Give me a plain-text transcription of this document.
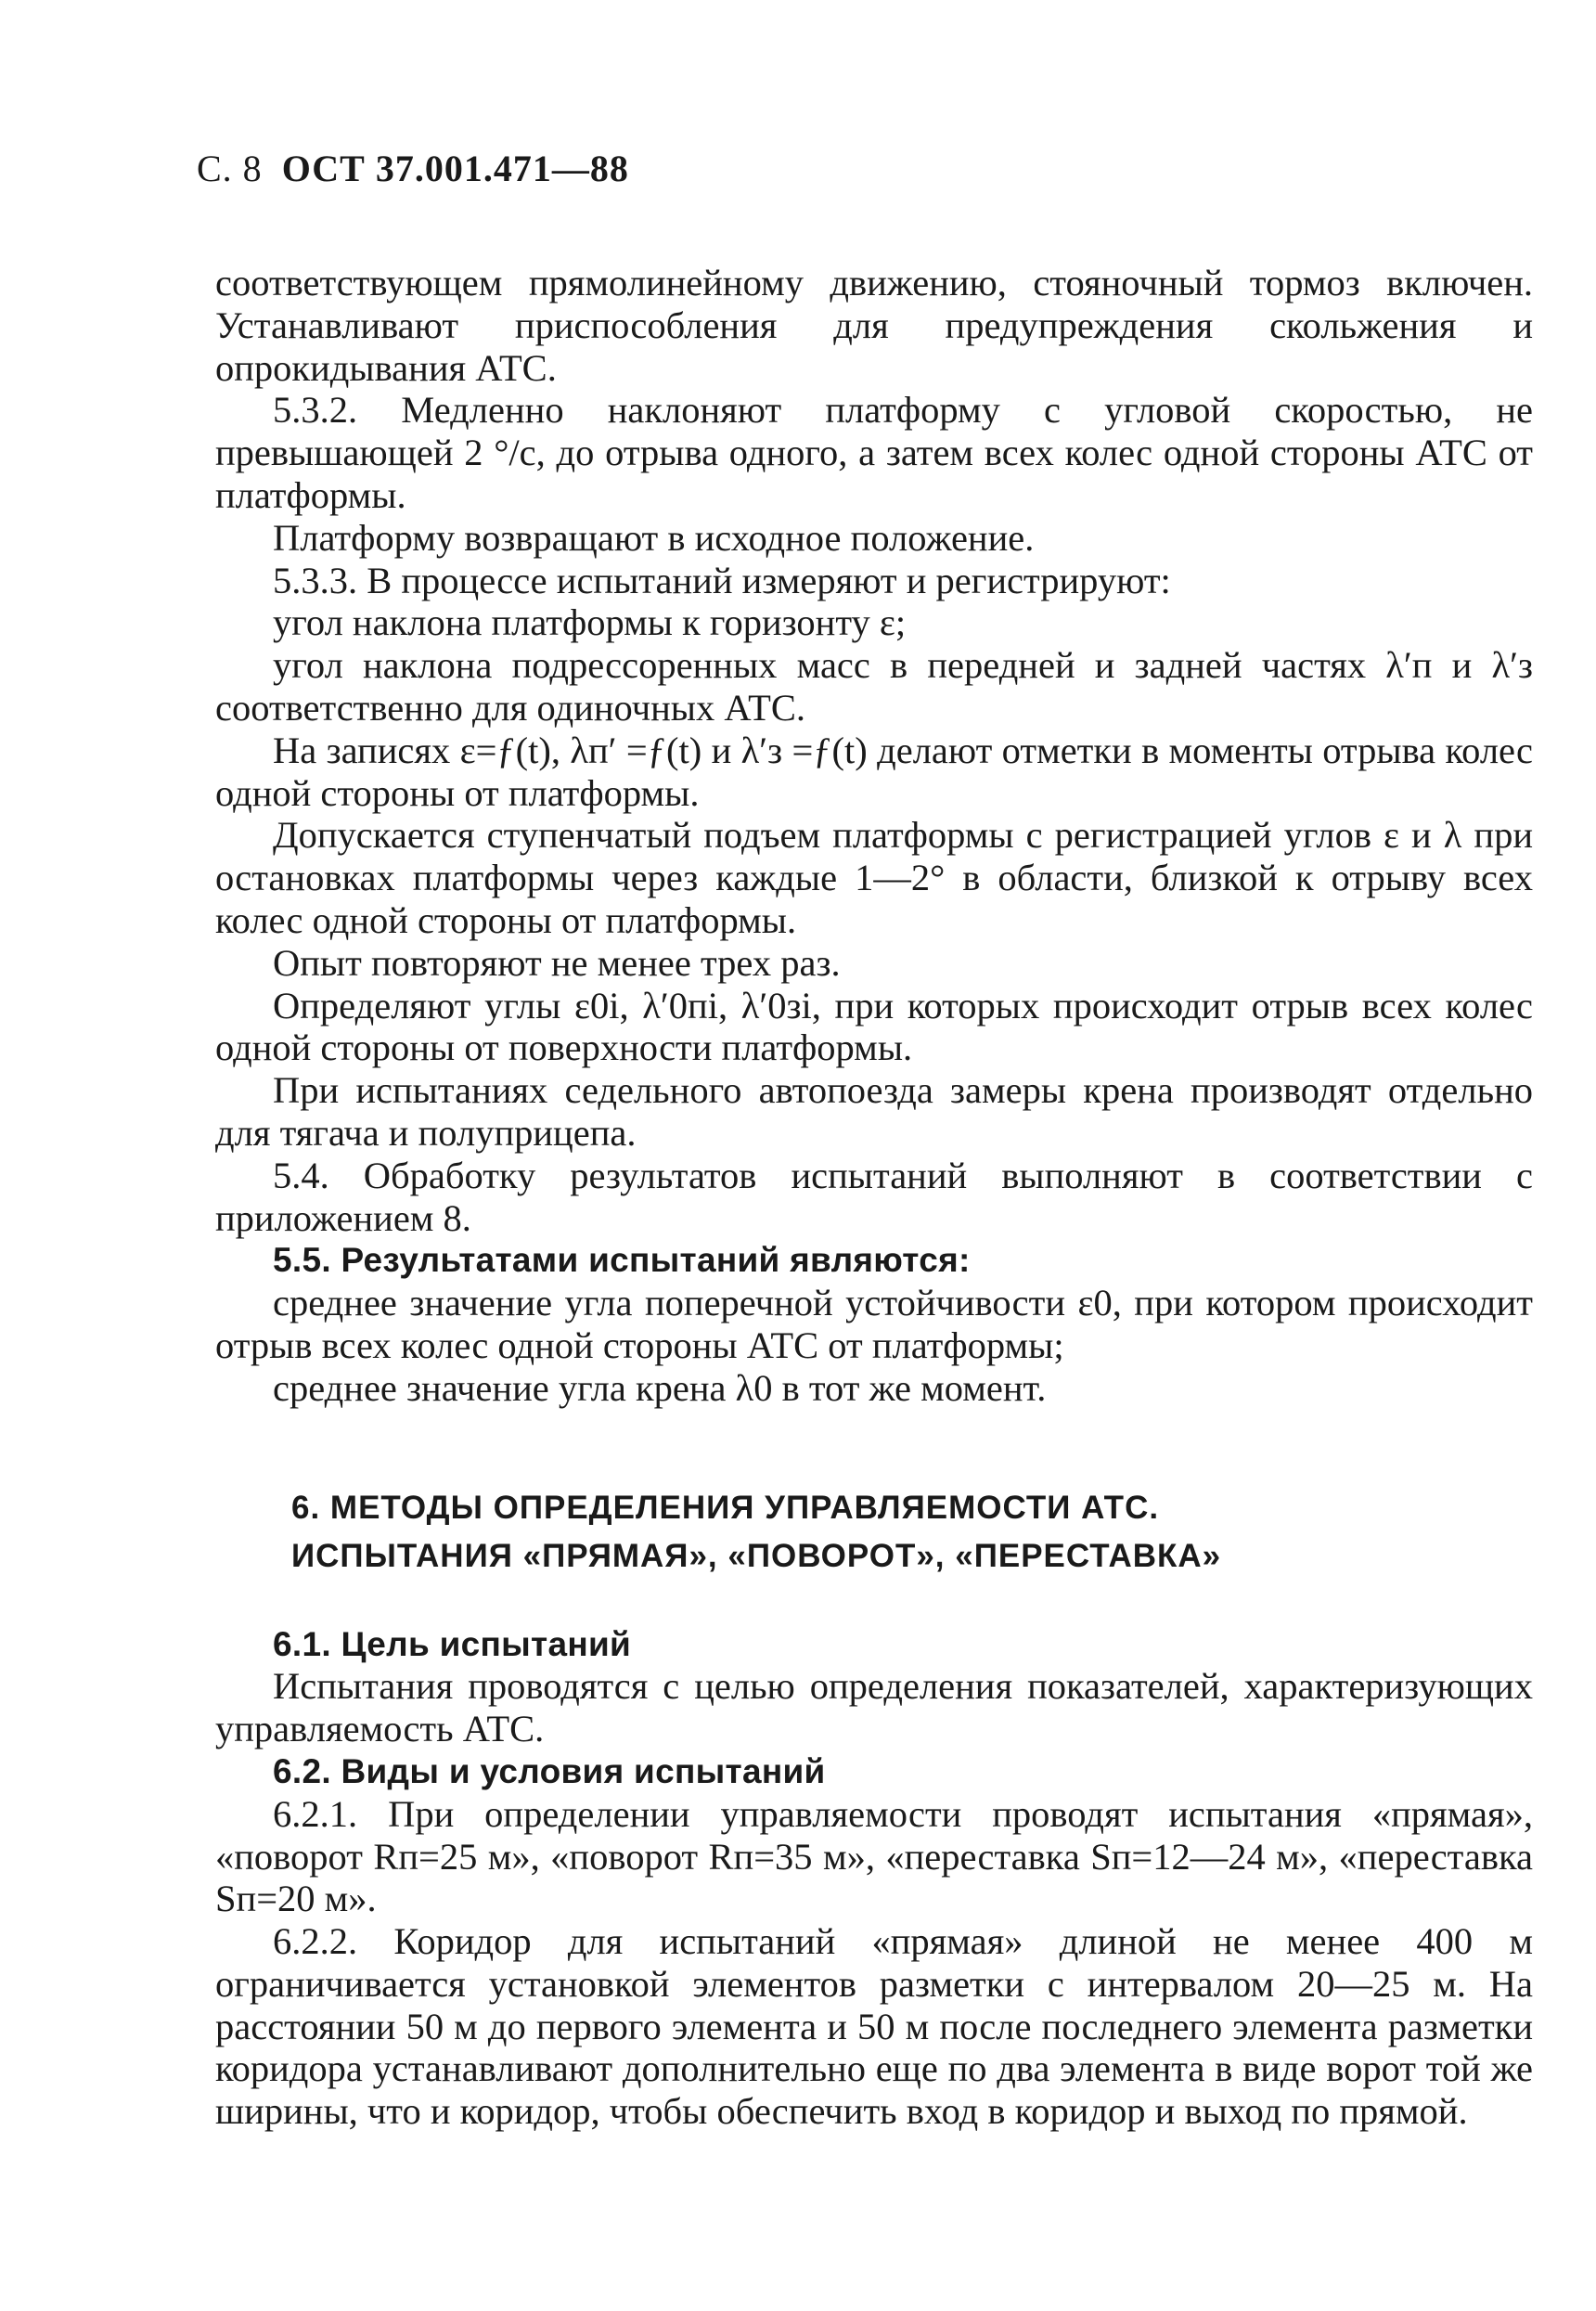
С. 8 ОСТ 37.001.471—88

соответствующем прямолинейному движению, стояночный тормоз включен. Устанавливают приспособления для предупреждения скольжения и опрокидывания АТС.

5.3.2. Медленно наклоняют платформу с угловой скоростью, не превышающей 2 °/с, до отрыва одного, а затем всех колес одной стороны АТС от платформы.

Платформу возвращают в исходное положение.

5.3.3. В процессе испытаний измеряют и регистрируют:

угол наклона платформы к горизонту ε;

угол наклона подрессоренных масс в передней и задней частях λ′п и λ′з соответственно для одиночных АТС.

На записях ε=ƒ(t), λп′ =ƒ(t) и λ′з =ƒ(t) делают отметки в моменты отрыва колес одной стороны от платформы.

Допускается ступенчатый подъем платформы с регистрацией углов ε и λ при остановках платформы через каждые 1—2° в области, близкой к отрыву всех колес одной стороны от платформы.

Опыт повторяют не менее трех раз.

Определяют углы ε0i, λ′0пi, λ′0зi, при которых происходит отрыв всех колес одной стороны от поверхности платформы.

При испытаниях седельного автопоезда замеры крена производят отдельно для тягача и полуприцепа.

5.4. Обработку результатов испытаний выполняют в соответствии с приложением 8.

5.5. Результатами испытаний являются:

среднее значение угла поперечной устойчивости ε0, при котором происходит отрыв всех колес одной стороны АТС от платформы;

среднее значение угла крена λ0 в тот же момент.

6. МЕТОДЫ ОПРЕДЕЛЕНИЯ УПРАВЛЯЕМОСТИ АТС.

ИСПЫТАНИЯ «ПРЯМАЯ», «ПОВОРОТ», «ПЕРЕСТАВКА»

6.1. Цель испытаний

Испытания проводятся с целью определения показателей, характеризующих управляемость АТС.

6.2. Виды и условия испытаний

6.2.1. При определении управляемости проводят испытания «прямая», «поворот Rп=25 м», «поворот Rп=35 м», «переставка Sп=12—24 м», «переставка Sп=20 м».

6.2.2. Коридор для испытаний «прямая» длиной не менее 400 м ограничивается установкой элементов разметки с интервалом 20—25 м. На расстоянии 50 м до первого элемента и 50 м после последнего элемента разметки коридора устанавливают дополнительно еще по два элемента в виде ворот той же ширины, что и коридор, чтобы обеспечить вход в коридор и выход по прямой.
